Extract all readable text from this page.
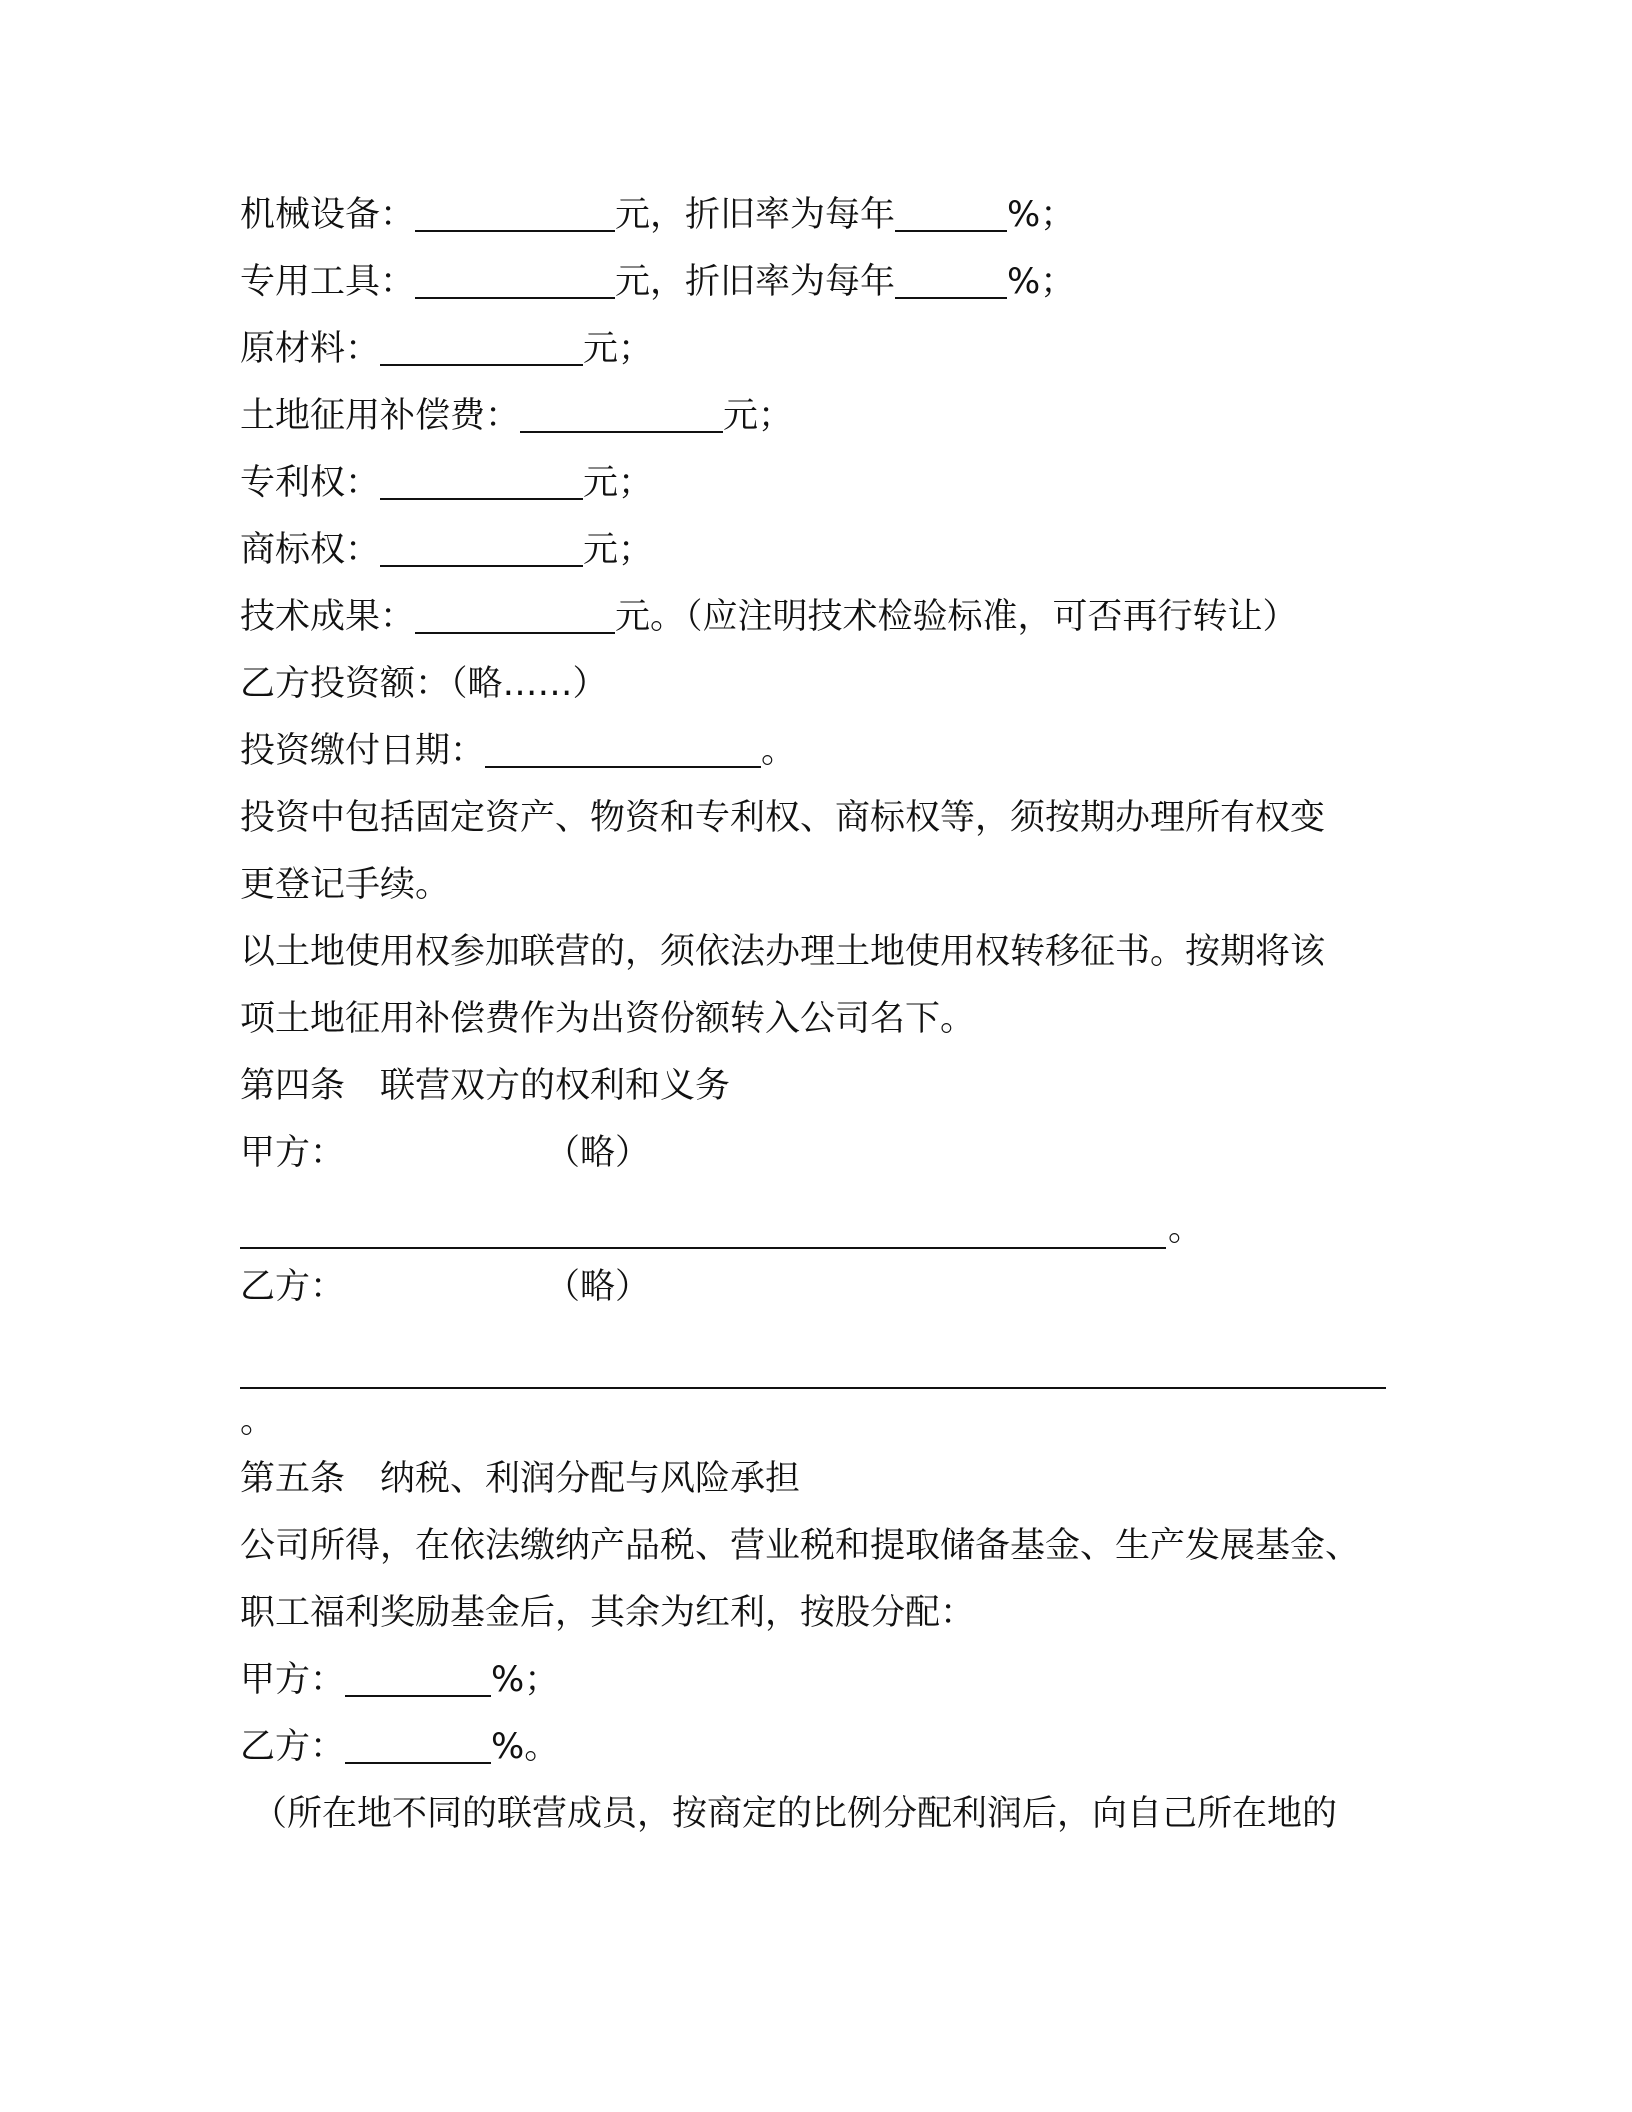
机械设备：	元，折旧率为每年	%；
专用工具：	元，折旧率为每年	%；
原材料：	元；
土地征用补偿费：	元；
专利权：	元；
商标权：	元；
技术成果：	元。（应注明技术检验标准，可否再行转让）
乙方投资额：（略……）
投资缴付日期：	。
投资中包括固定资产、物资和专利权、商标权等，须按期办理所有权变
更登记手续。
以土地使用权参加联营的，须依法办理土地使用权转移征书。按期将该
项土地征用补偿费作为出资份额转入公司名下。
第四条　联营双方的权利和义务
甲方：	（略）
。
乙方：	（略）
。
第五条　纳税、利润分配与风险承担
公司所得，在依法缴纳产品税、营业税和提取储备基金、生产发展基金、
职工福利奖励基金后，其余为红利，按股分配：
甲方：	%；
乙方：	%。
（所在地不同的联营成员，按商定的比例分配利润后，向自己所在地的
